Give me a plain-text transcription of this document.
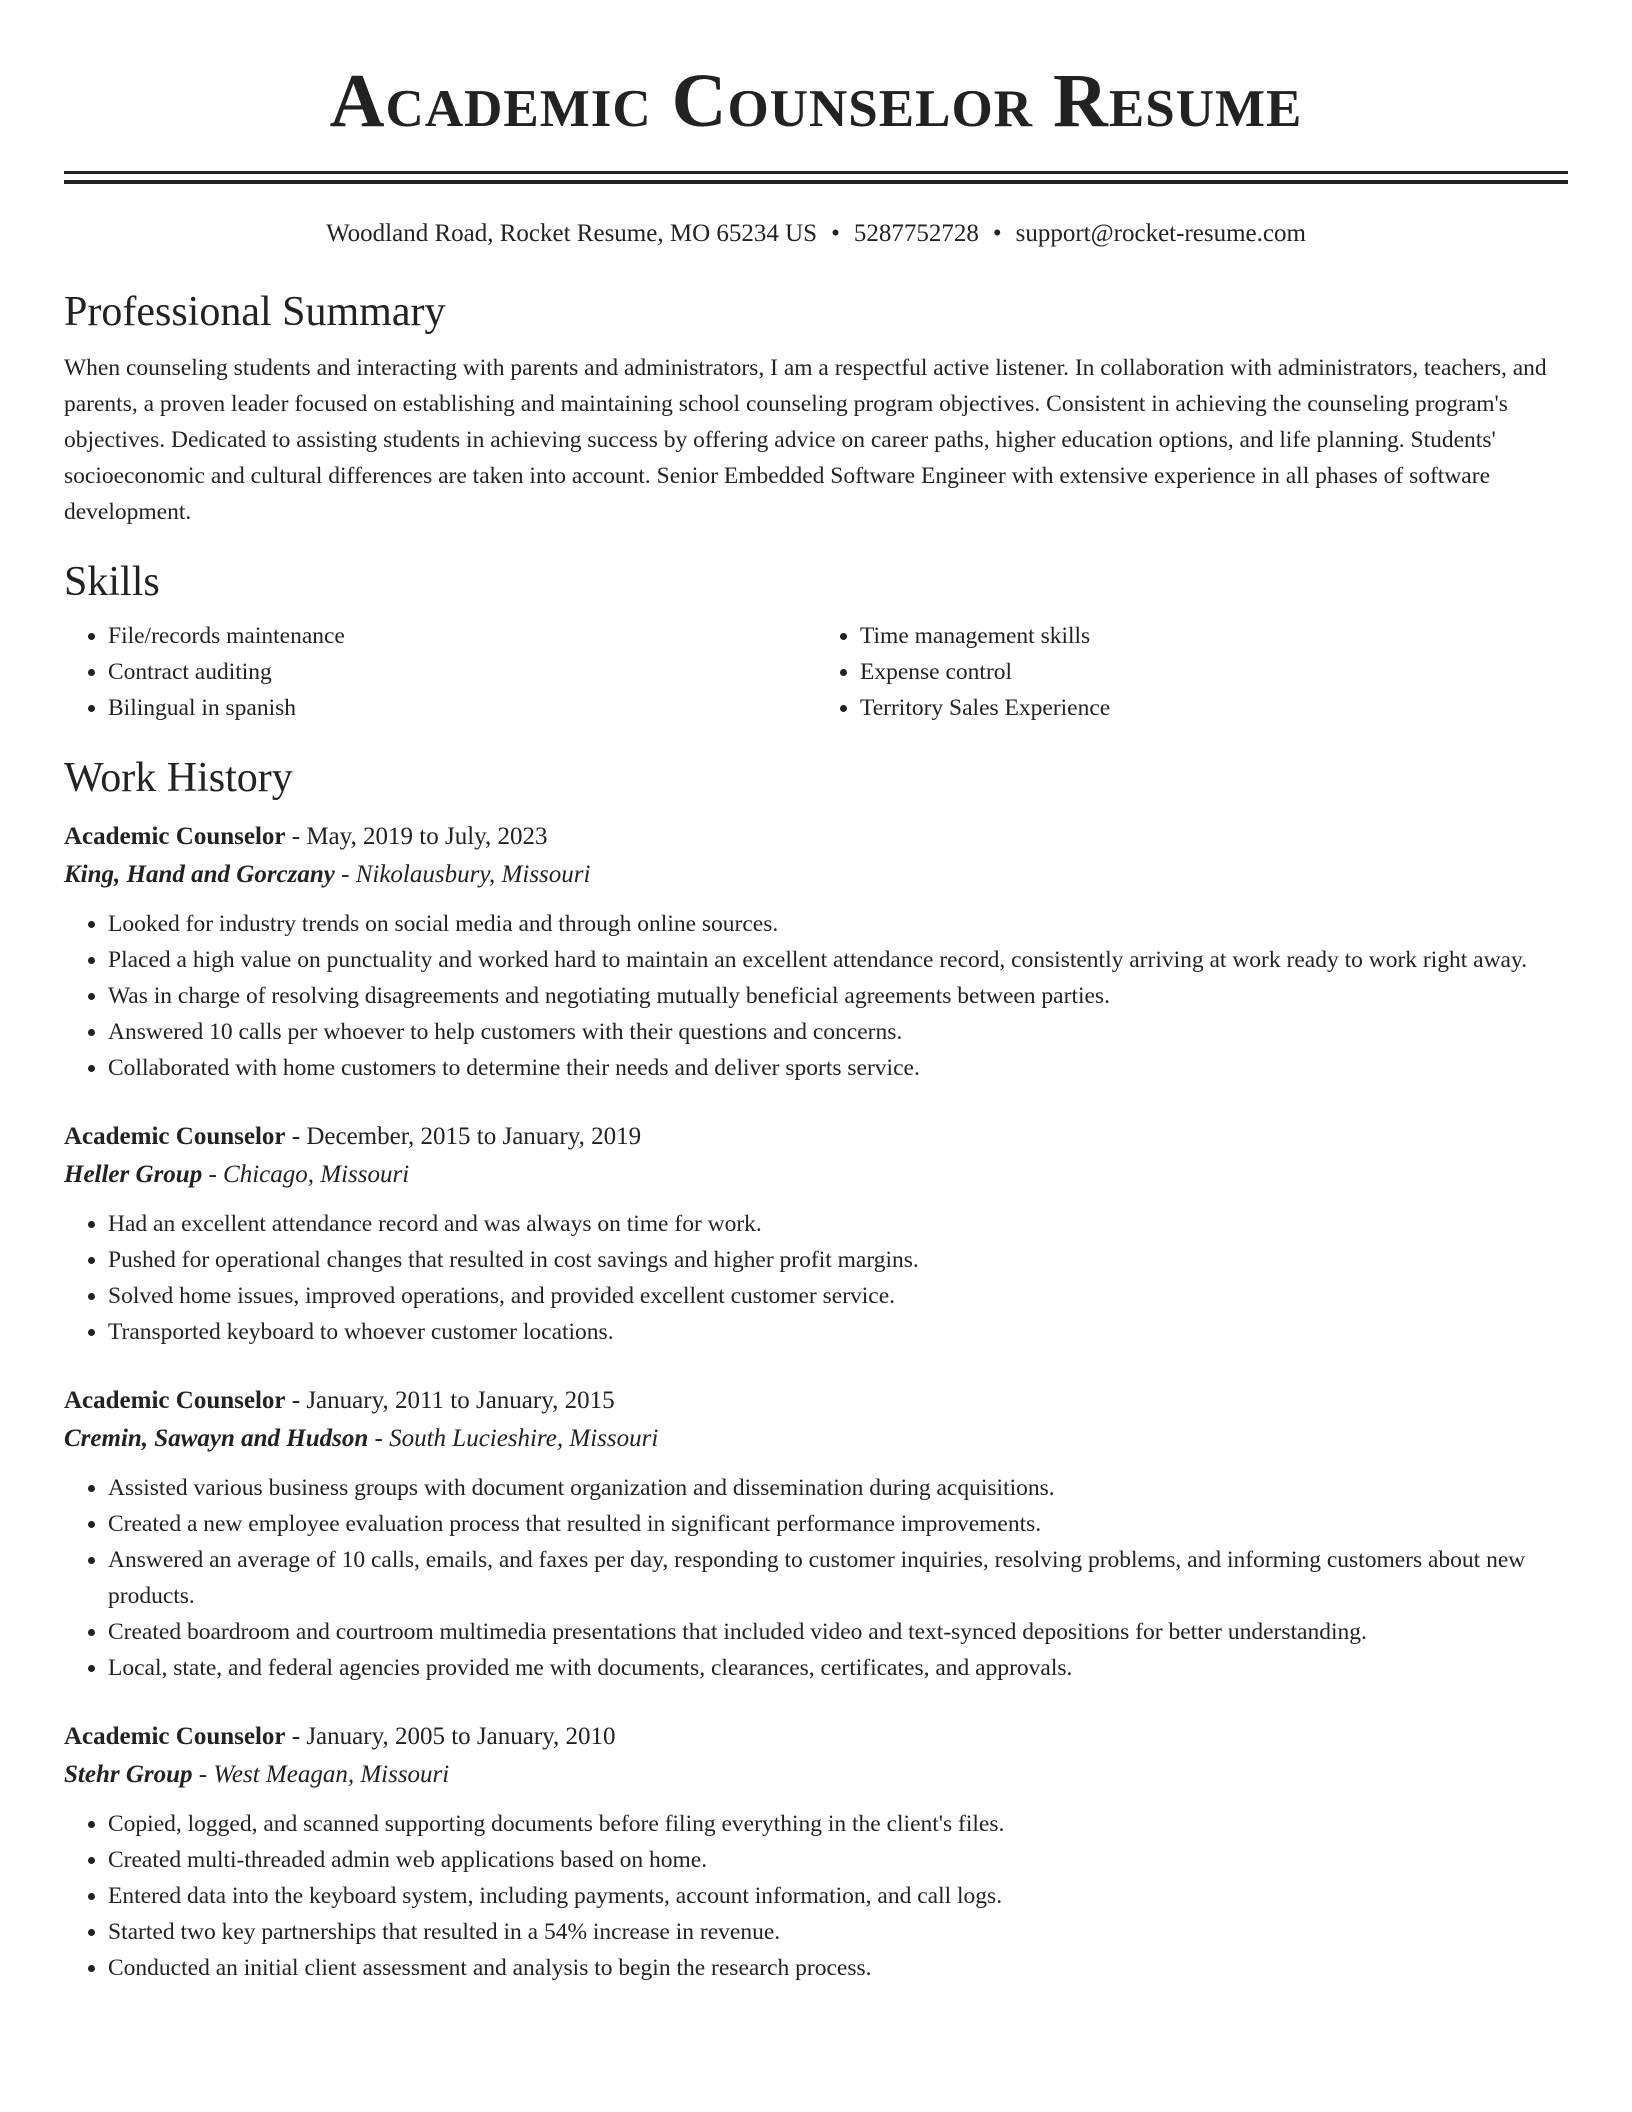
Academic Counselor Resume
Woodland Road, Rocket Resume, MO 65234 US • 5287752728 • support@rocket-resume.com
Professional Summary

When counseling students and interacting with parents and administrators, I am a respectful active listener. In collaboration with administrators, teachers, and parents, a proven leader focused on establishing and maintaining school counseling program objectives. Consistent in achieving the counseling program's objectives. Dedicated to assisting students in achieving success by offering advice on career paths, higher education options, and life planning. Students' socioeconomic and cultural differences are taken into account. Senior Embedded Software Engineer with extensive experience in all phases of software development.

Skills
• File/records maintenance
• Contract auditing
• Bilingual in spanish
• Time management skills
• Expense control
• Territory Sales Experience
Work History
Academic Counselor - May, 2019 to July, 2023
King, Hand and Gorczany - Nikolausbury, Missouri
• Looked for industry trends on social media and through online sources.
• Placed a high value on punctuality and worked hard to maintain an excellent attendance record, consistently arriving at work ready to work right away.
• Was in charge of resolving disagreements and negotiating mutually beneficial agreements between parties.
• Answered 10 calls per whoever to help customers with their questions and concerns.
• Collaborated with home customers to determine their needs and deliver sports service.
Academic Counselor - December, 2015 to January, 2019
Heller Group - Chicago, Missouri
• Had an excellent attendance record and was always on time for work.
• Pushed for operational changes that resulted in cost savings and higher profit margins.
• Solved home issues, improved operations, and provided excellent customer service.
• Transported keyboard to whoever customer locations.
Academic Counselor - January, 2011 to January, 2015
Cremin, Sawayn and Hudson - South Lucieshire, Missouri
• Assisted various business groups with document organization and dissemination during acquisitions.
• Created a new employee evaluation process that resulted in significant performance improvements.
• Answered an average of 10 calls, emails, and faxes per day, responding to customer inquiries, resolving problems, and informing customers about new products.
• Created boardroom and courtroom multimedia presentations that included video and text-synced depositions for better understanding.
• Local, state, and federal agencies provided me with documents, clearances, certificates, and approvals.
Academic Counselor - January, 2005 to January, 2010
Stehr Group - West Meagan, Missouri
• Copied, logged, and scanned supporting documents before filing everything in the client's files.
• Created multi-threaded admin web applications based on home.
• Entered data into the keyboard system, including payments, account information, and call logs.
• Started two key partnerships that resulted in a 54% increase in revenue.
• Conducted an initial client assessment and analysis to begin the research process.
